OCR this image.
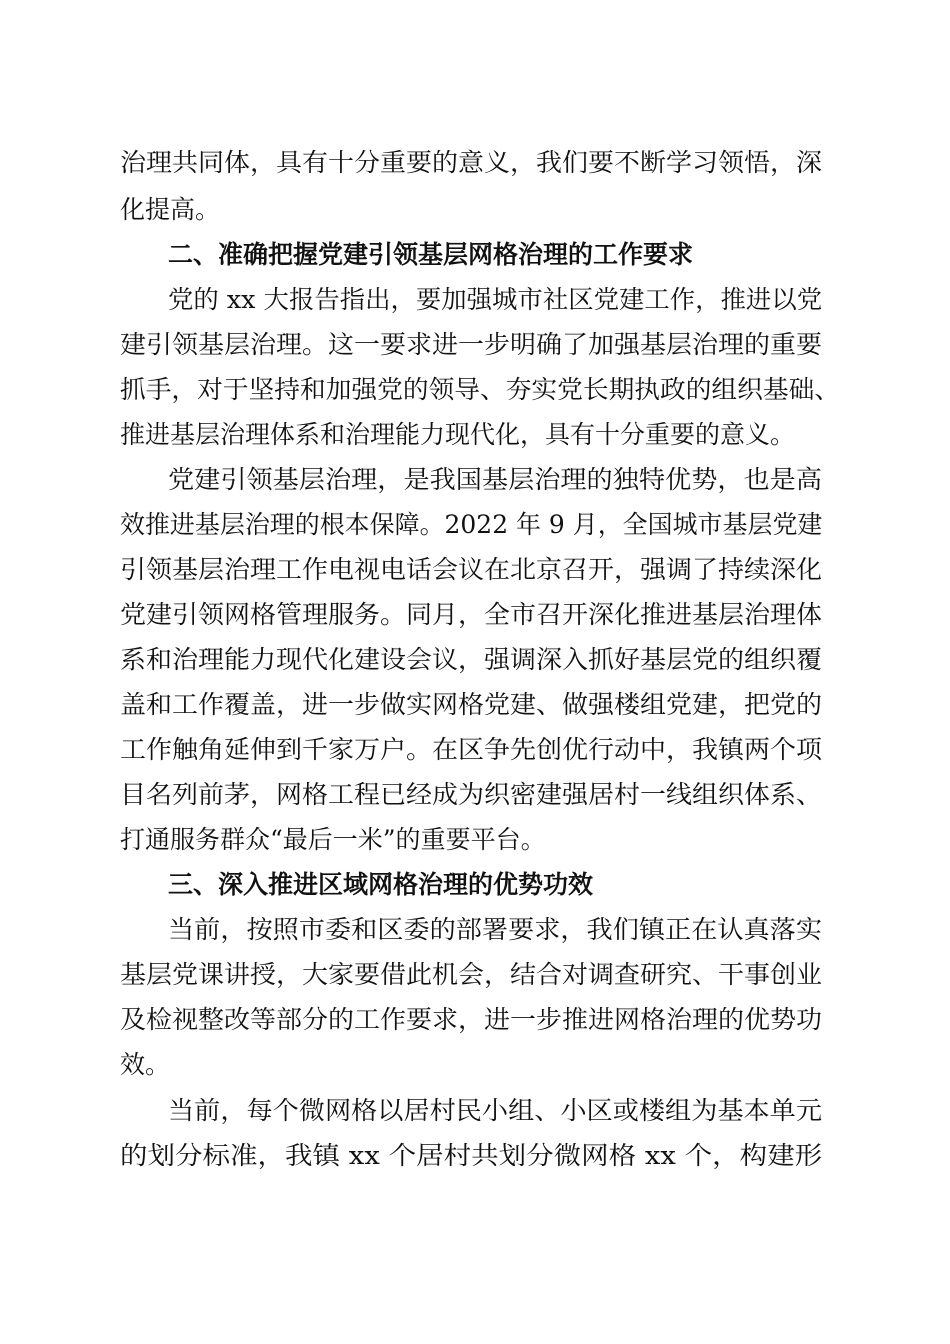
治理共同体，具有十分重要的意义，我们要不断学习领悟，深
化提高。
二、准确把握党建引领基层网格治理的工作要求
党的 xx 大报告指出，要加强城市社区党建工作，推进以党
建引领基层治理。这一要求进一步明确了加强基层治理的重要
抓手，对于坚持和加强党的领导、夯实党长期执政的组织基础、
推进基层治理体系和治理能力现代化，具有十分重要的意义。
党建引领基层治理，是我国基层治理的独特优势，也是高
效推进基层治理的根本保障。2022 年 9 月，全国城市基层党建
引领基层治理工作电视电话会议在北京召开，强调了持续深化
党建引领网格管理服务。同月，全市召开深化推进基层治理体
系和治理能力现代化建设会议，强调深入抓好基层党的组织覆
盖和工作覆盖，进一步做实网格党建、做强楼组党建，把党的
工作触角延伸到千家万户。在区争先创优行动中，我镇两个项
目名列前茅，网格工程已经成为织密建强居村一线组织体系、
打通服务群众“最后一米”的重要平台。
三、深入推进区域网格治理的优势功效
当前，按照市委和区委的部署要求，我们镇正在认真落实
基层党课讲授，大家要借此机会，结合对调查研究、干事创业
及检视整改等部分的工作要求，进一步推进网格治理的优势功
效。
当前，每个微网格以居村民小组、小区或楼组为基本单元
的划分标准，我镇 xx 个居村共划分微网格 xx 个，构建形
